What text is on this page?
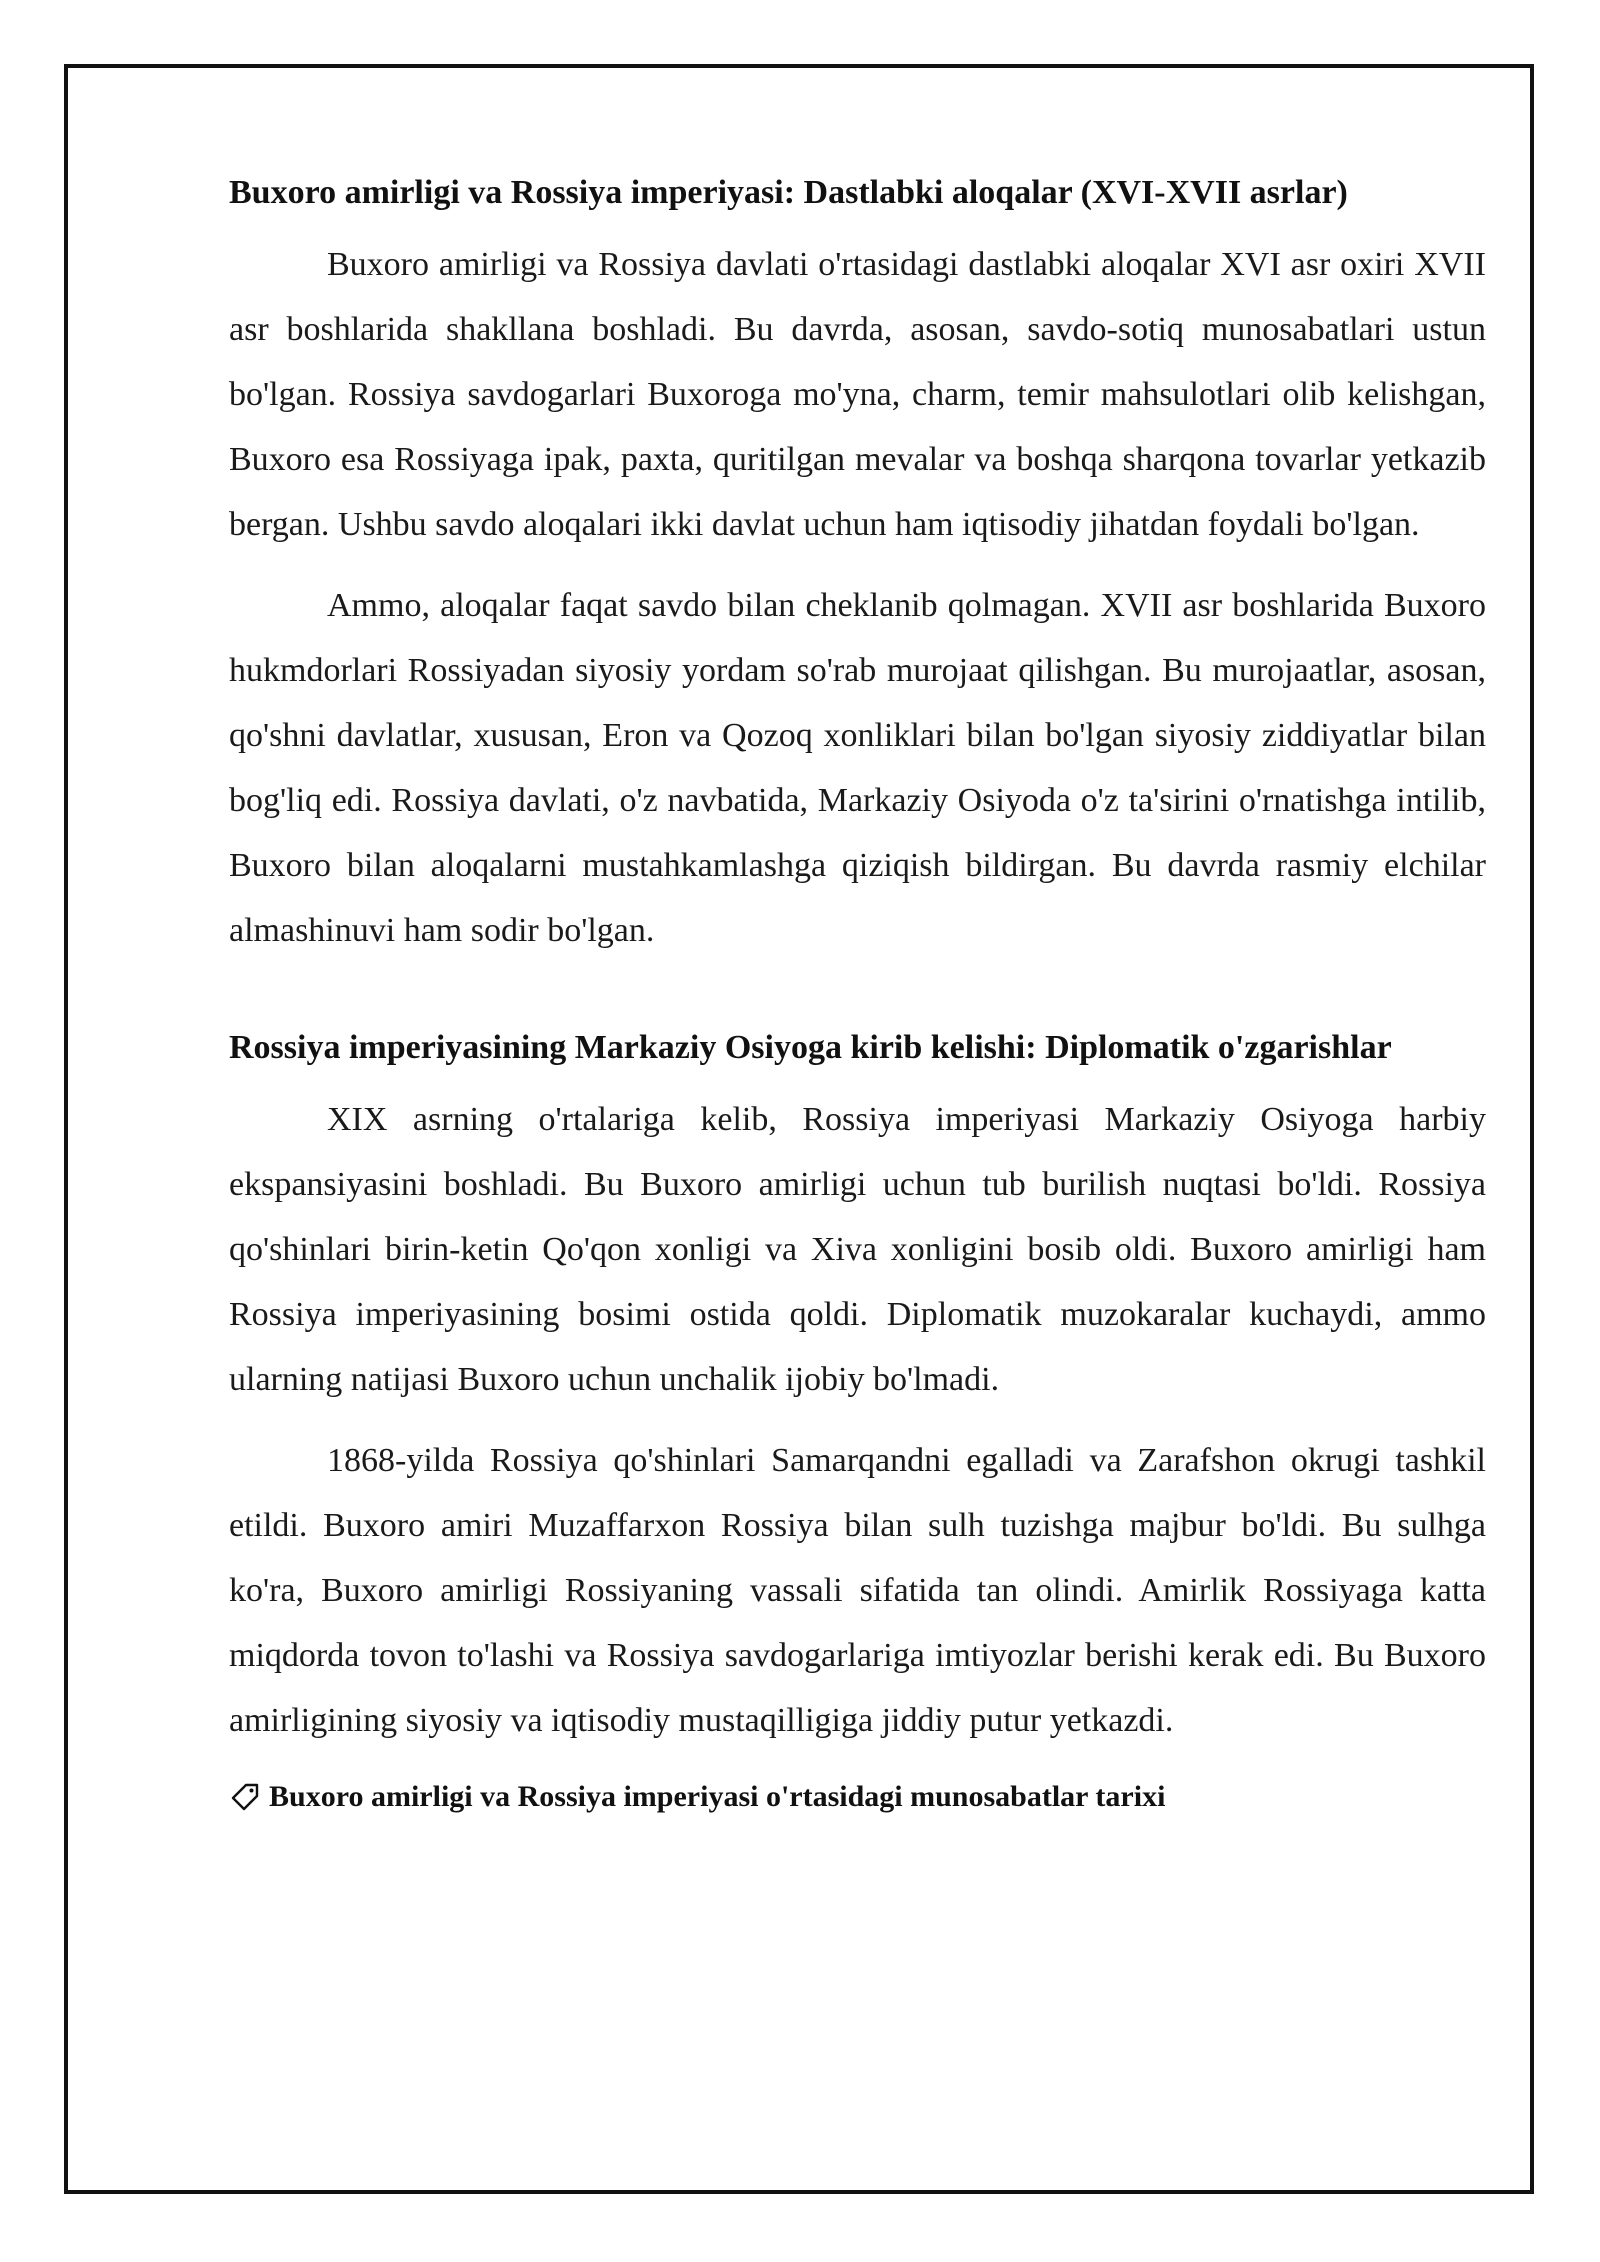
Buxoro amirligi va Rossiya imperiyasi: Dastlabki aloqalar (XVI-XVII asrlar)

Buxoro amirligi va Rossiya davlati o'rtasidagi dastlabki aloqalar XVI asr oxiri XVII asr boshlarida shakllana boshladi. Bu davrda, asosan, savdo-sotiq munosabatlari ustun bo'lgan. Rossiya savdogarlari Buxoroga mo'yna, charm, temir mahsulotlari olib kelishgan, Buxoro esa Rossiyaga ipak, paxta, quritilgan mevalar va boshqa sharqona tovarlar yetkazib bergan. Ushbu savdo aloqalari ikki davlat uchun ham iqtisodiy jihatdan foydali bo'lgan.

Ammo, aloqalar faqat savdo bilan cheklanib qolmagan. XVII asr boshlarida Buxoro hukmdorlari Rossiyadan siyosiy yordam so'rab murojaat qilishgan. Bu murojaatlar, asosan, qo'shni davlatlar, xususan, Eron va Qozoq xonliklari bilan bo'lgan siyosiy ziddiyatlar bilan bog'liq edi. Rossiya davlati, o'z navbatida, Markaziy Osiyoda o'z ta'sirini o'rnatishga intilib, Buxoro bilan aloqalarni mustahkamlashga qiziqish bildirgan. Bu davrda rasmiy elchilar almashinuvi ham sodir bo'lgan.

Rossiya imperiyasining Markaziy Osiyoga kirib kelishi: Diplomatik o'zgarishlar

XIX asrning o'rtalariga kelib, Rossiya imperiyasi Markaziy Osiyoga harbiy ekspansiyasini boshladi. Bu Buxoro amirligi uchun tub burilish nuqtasi bo'ldi. Rossiya qo'shinlari birin-ketin Qo'qon xonligi va Xiva xonligini bosib oldi. Buxoro amirligi ham Rossiya imperiyasining bosimi ostida qoldi. Diplomatik muzokaralar kuchaydi, ammo ularning natijasi Buxoro uchun unchalik ijobiy bo'lmadi.

1868-yilda Rossiya qo'shinlari Samarqandni egalladi va Zarafshon okrugi tashkil etildi. Buxoro amiri Muzaffarxon Rossiya bilan sulh tuzishga majbur bo'ldi. Bu sulhga ko'ra, Buxoro amirligi Rossiyaning vassali sifatida tan olindi. Amirlik Rossiyaga katta miqdorda tovon to'lashi va Rossiya savdogarlariga imtiyozlar berishi kerak edi. Bu Buxoro amirligining siyosiy va iqtisodiy mustaqilligiga jiddiy putur yetkazdi.

Buxoro amirligi va Rossiya imperiyasi o'rtasidagi munosabatlar tarixi
